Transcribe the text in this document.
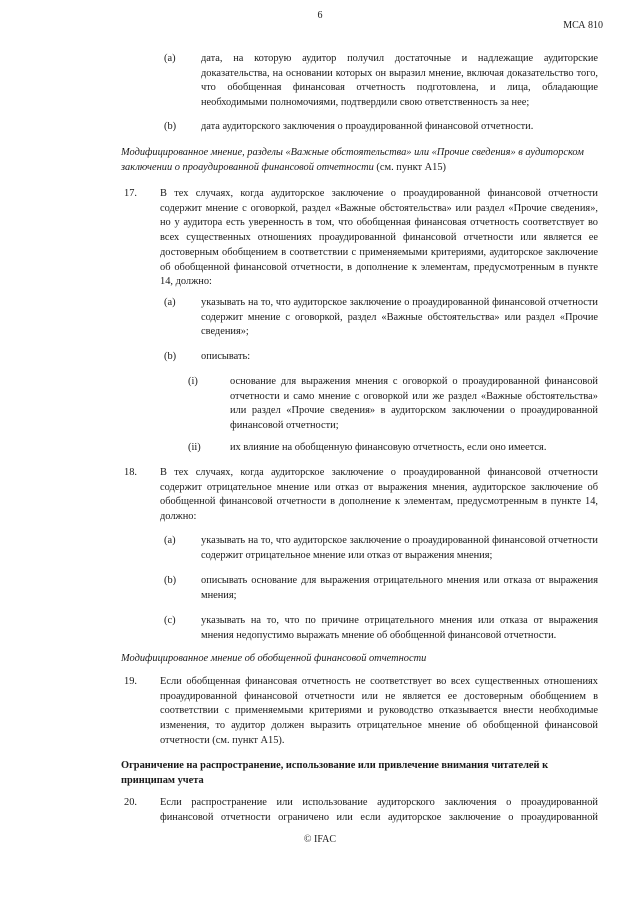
6
МСА 810
(a) дата, на которую аудитор получил достаточные и надлежащие аудиторские доказательства, на основании которых он выразил мнение, включая доказательство того, что обобщенная финансовая отчетность подготовлена, и лица, обладающие необходимыми полномочиями, подтвердили свою ответственность за нее;
(b) дата аудиторского заключения о проаудированной финансовой отчетности.
Модифицированное мнение, разделы «Важные обстоятельства» или «Прочие сведения» в аудиторском заключении о проаудированной финансовой отчетности (см. пункт A15)
17. В тех случаях, когда аудиторское заключение о проаудированной финансовой отчетности содержит мнение с оговоркой, раздел «Важные обстоятельства» или раздел «Прочие сведения», но у аудитора есть уверенность в том, что обобщенная финансовая отчетность соответствует во всех существенных отношениях проаудированной финансовой отчетности или является ее достоверным обобщением в соответствии с применяемыми критериями, аудиторское заключение об обобщенной финансовой отчетности, в дополнение к элементам, предусмотренным в пункте 14, должно:
(a) указывать на то, что аудиторское заключение о проаудированной финансовой отчетности содержит мнение с оговоркой, раздел «Важные обстоятельства» или раздел «Прочие сведения»;
(b) описывать:
(i)	основание для выражения мнения с оговоркой о проаудированной финансовой отчетности и само мнение с оговоркой или же раздел «Важные обстоятельства» или раздел «Прочие сведения» в аудиторском заключении о проаудированной финансовой отчетности;
(ii)	их влияние на обобщенную финансовую отчетность, если оно имеется.
18. В тех случаях, когда аудиторское заключение о проаудированной финансовой отчетности содержит отрицательное мнение или отказ от выражения мнения, аудиторское заключение об обобщенной финансовой отчетности в дополнение к элементам, предусмотренным в пункте 14, должно:
(a) указывать на то, что аудиторское заключение о проаудированной финансовой отчетности содержит отрицательное мнение или отказ от выражения мнения;
(b) описывать основание для выражения отрицательного мнения или отказа от выражения мнения;
(c) указывать на то, что по причине отрицательного мнения или отказа от выражения мнения недопустимо выражать мнение об обобщенной финансовой отчетности.
Модифицированное мнение об обобщенной финансовой отчетности
19. Если обобщенная финансовая отчетность не соответствует во всех существенных отношениях проаудированной финансовой отчетности или не является ее достоверным обобщением в соответствии с применяемыми критериями и руководство отказывается внести необходимые изменения, то аудитор должен выразить отрицательное мнение об обобщенной финансовой отчетности (см. пункт A15).
Ограничение на распространение, использование или привлечение внимания читателей к принципам учета
20. Если распространение или использование аудиторского заключения о проаудированной финансовой отчетности ограничено или если аудиторское заключение о проаудированной
© IFAC
